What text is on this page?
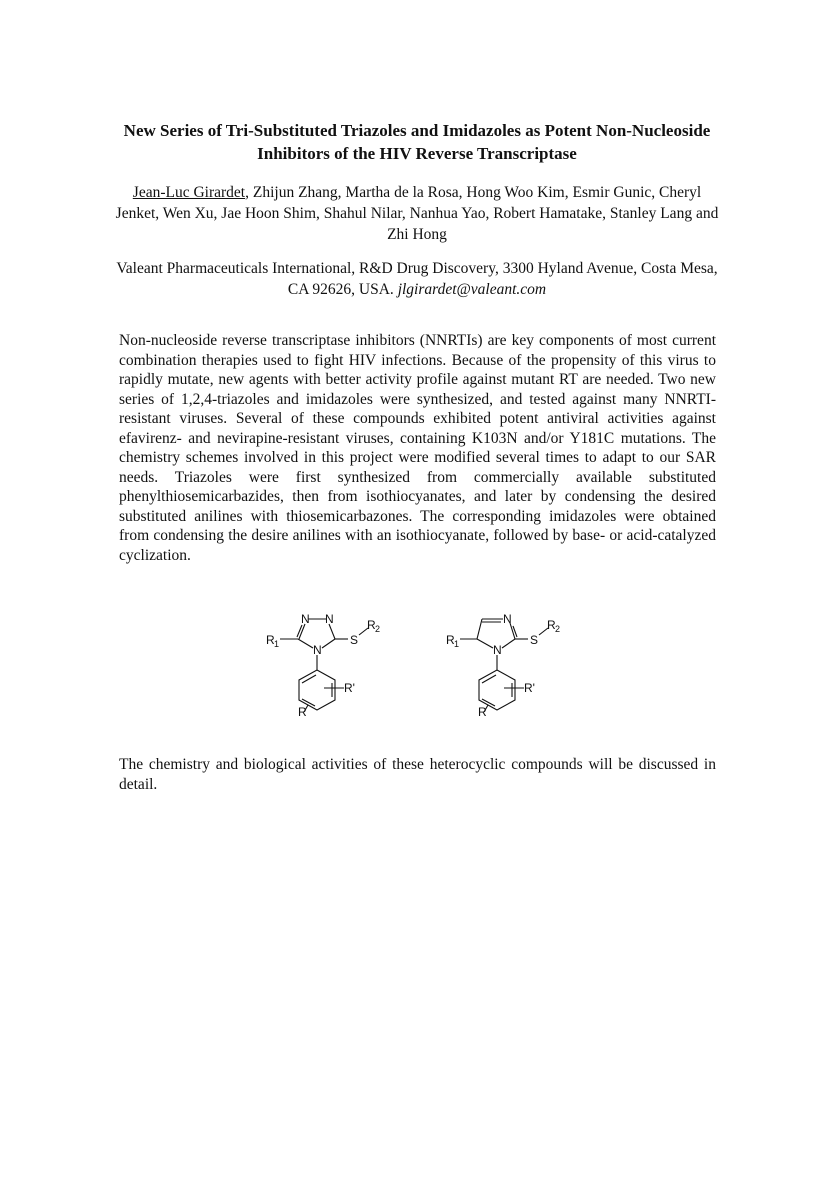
New Series of Tri-Substituted Triazoles and Imidazoles as Potent Non-Nucleoside Inhibitors of the HIV Reverse Transcriptase
Jean-Luc Girardet, Zhijun Zhang, Martha de la Rosa, Hong Woo Kim, Esmir Gunic, Cheryl Jenket, Wen Xu, Jae Hoon Shim, Shahul Nilar, Nanhua Yao, Robert Hamatake, Stanley Lang and Zhi Hong
Valeant Pharmaceuticals International, R&D Drug Discovery, 3300 Hyland Avenue, Costa Mesa, CA 92626, USA. jlgirardet@valeant.com

Non-nucleoside reverse transcriptase inhibitors (NNRTIs) are key components of most current combination therapies used to fight HIV infections. Because of the propensity of this virus to rapidly mutate, new agents with better activity profile against mutant RT are needed. Two new series of 1,2,4-triazoles and imidazoles were synthesized, and tested against many NNRTI-resistant viruses. Several of these compounds exhibited potent antiviral activities against efavirenz- and nevirapine-resistant viruses, containing K103N and/or Y181C mutations. The chemistry schemes involved in this project were modified several times to adapt to our SAR needs. Triazoles were first synthesized from commercially available substituted phenylthiosemicarbazides, then from isothiocyanates, and later by condensing the desired substituted anilines with thiosemicarbazones. The corresponding imidazoles were obtained from condensing the desire anilines with an isothiocyanate, followed by base- or acid-catalyzed cyclization.

N N
N
S
R 1
R 2
R'
R
N
N
S
R 1
R 2
R'
R

The chemistry and biological activities of these heterocyclic compounds will be discussed in detail.
